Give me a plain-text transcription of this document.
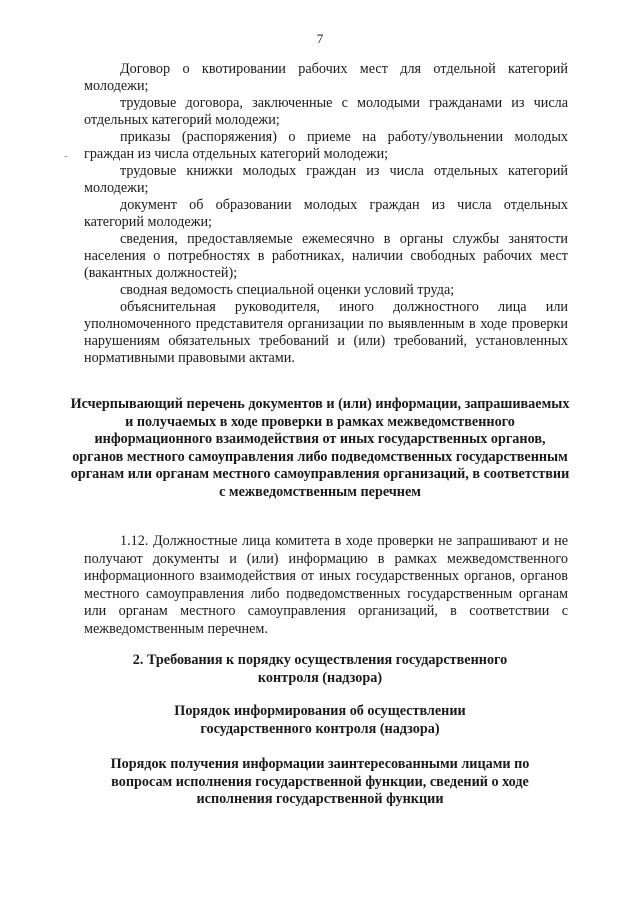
7
-

Договор о квотировании рабочих мест для отдельной категорий молодежи;

трудовые договора, заключенные с молодыми гражданами из числа отдельных категорий молодежи;

приказы (распоряжения) о приеме на работу/увольнении молодых граждан из числа отдельных категорий молодежи;

трудовые книжки молодых граждан из числа отдельных категорий молодежи;

документ об образовании молодых граждан из числа отдельных категорий молодежи;

сведения, предоставляемые ежемесячно в органы службы занятости населения о потребностях в работниках, наличии свободных рабочих мест (вакантных должностей);

сводная ведомость специальной оценки условий труда;

объяснительная руководителя, иного должностного лица или уполномоченного представителя организации по выявленным в ходе проверки нарушениям обязательных требований и (или) требований, установленных нормативными правовыми актами.

Исчерпывающий перечень документов и (или) информации, запрашиваемых и получаемых в ходе проверки в рамках межведомственного информационного взаимодействия от иных государственных органов, органов местного самоуправления либо подведомственных государственным органам или органам местного самоуправления организаций, в соответствии с межведомственным перечнем

1.12. Должностные лица комитета в ходе проверки не запрашивают и не получают документы и (или) информацию в рамках межведомственного информационного взаимодействия от иных государственных органов, органов местного самоуправления либо подведомственных государственным органам или органам местного самоуправления организаций, в соответствии с межведомственным перечнем.

2. Требования к порядку осуществления государственного контроля (надзора)
Порядок информирования об осуществлении государственного контроля (надзора)
Порядок получения информации заинтересованными лицами по вопросам исполнения государственной функции, сведений о ходе исполнения государственной функции
